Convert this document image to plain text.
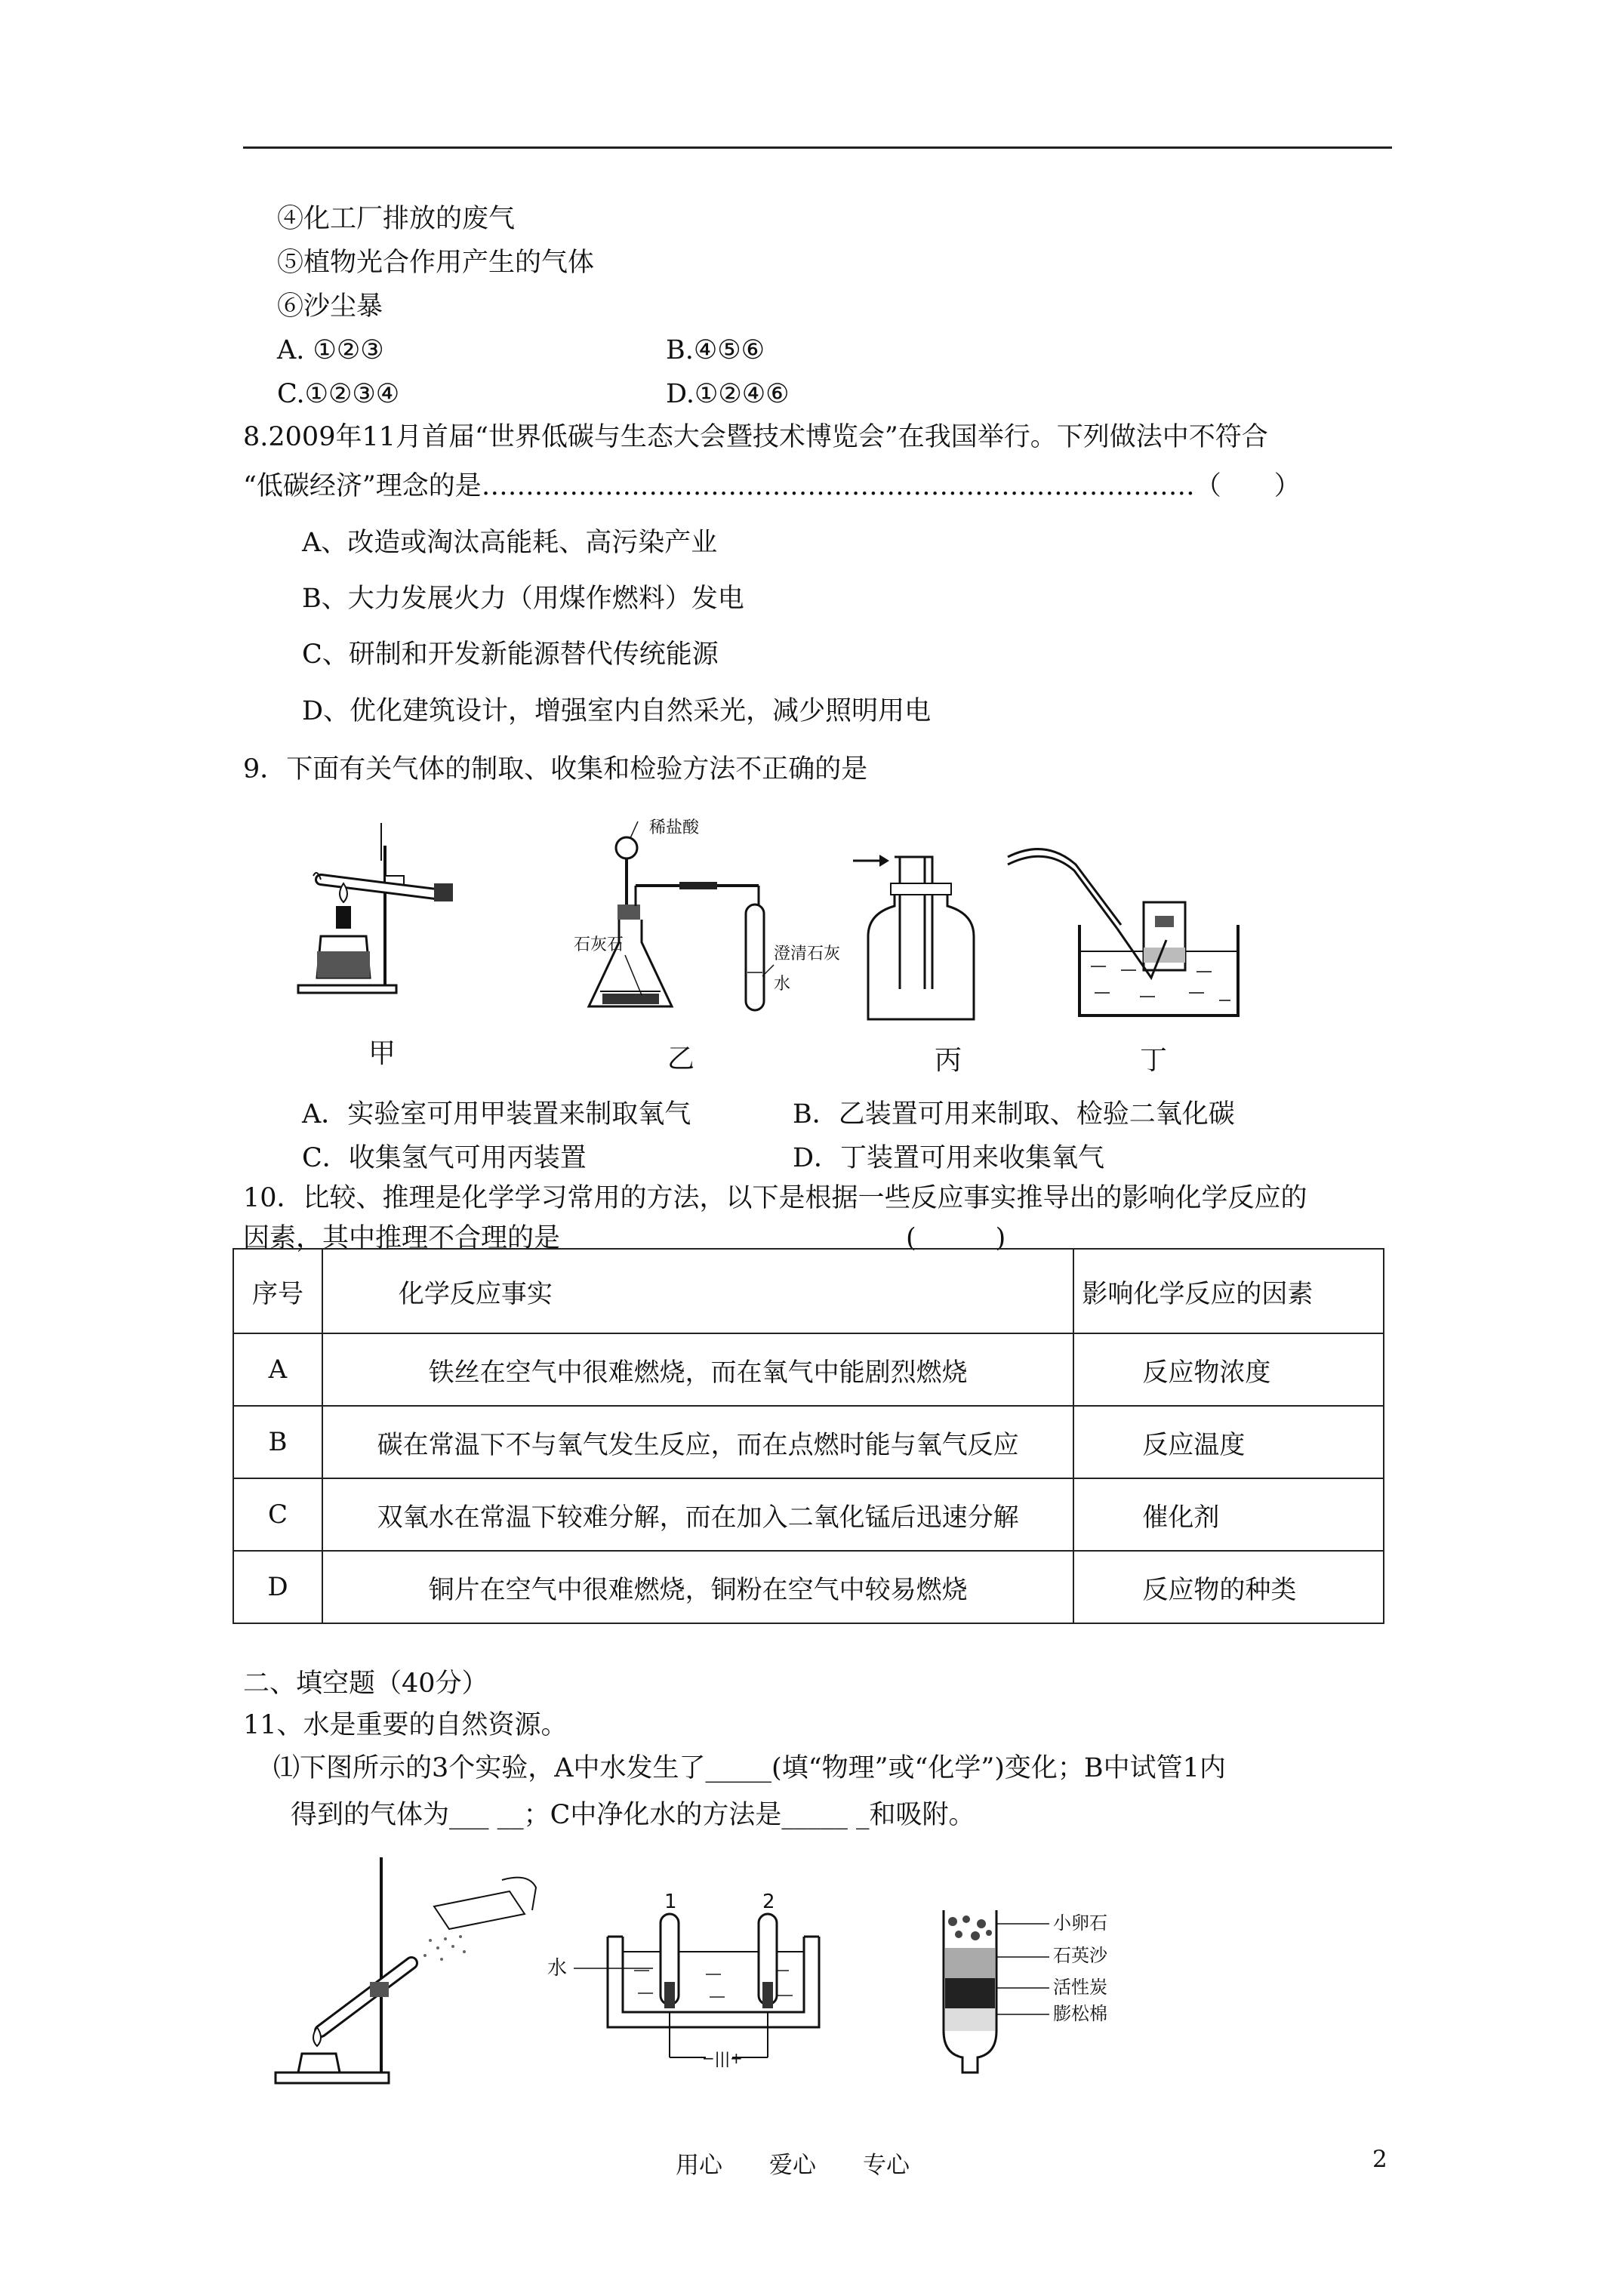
④化工厂排放的废气
⑤植物光合作用产生的气体
⑥沙尘暴
A. ①②③	B.④⑤⑥
C.①②③④	D.①②④⑥
8.2009年11月首届“世界低碳与生态大会暨技术博览会”在我国举行。下列做法中不符合
“低碳经济”理念的是………………………………………………………………………（　　）
A、改造或淘汰高能耗、高污染产业
B、大力发展火力（用煤作燃料）发电
C、研制和开发新能源替代传统能源
D、优化建筑设计，增强室内自然采光，减少照明用电
9．下面有关气体的制取、收集和检验方法不正确的是
甲
稀盐酸
石灰石	澄清石灰
水
乙	丙	丁
A．实验室可用甲装置来制取氧气	B．乙装置可用来制取、检验二氧化碳
C．收集氢气可用丙装置	D．丁装置可用来收集氧气
10．比较、推理是化学学习常用的方法，以下是根据一些反应事实推导出的影响化学反应的
因素，其中推理不合理的是	(　　　)
序号	化学反应事实	影响化学反应的因素
A	铁丝在空气中很难燃烧，而在氧气中能剧烈燃烧	反应物浓度
B	碳在常温下不与氧气发生反应，而在点燃时能与氧气反应	反应温度
C	双氧水在常温下较难分解，而在加入二氧化锰后迅速分解	催化剂
D	铜片在空气中很难燃烧，铜粉在空气中较易燃烧	反应物的种类
二、填空题（40分）
11、水是重要的自然资源。
⑴下图所示的3个实验，A中水发生了_____(填“物理”或“化学”)变化；B中试管1内
得到的气体为___ __；C中净化水的方法是_____ _和吸附。
1	2
−|||+
水
小卵石
石英沙
活性炭
膨松棉
用心　　爱心　　专心	2
